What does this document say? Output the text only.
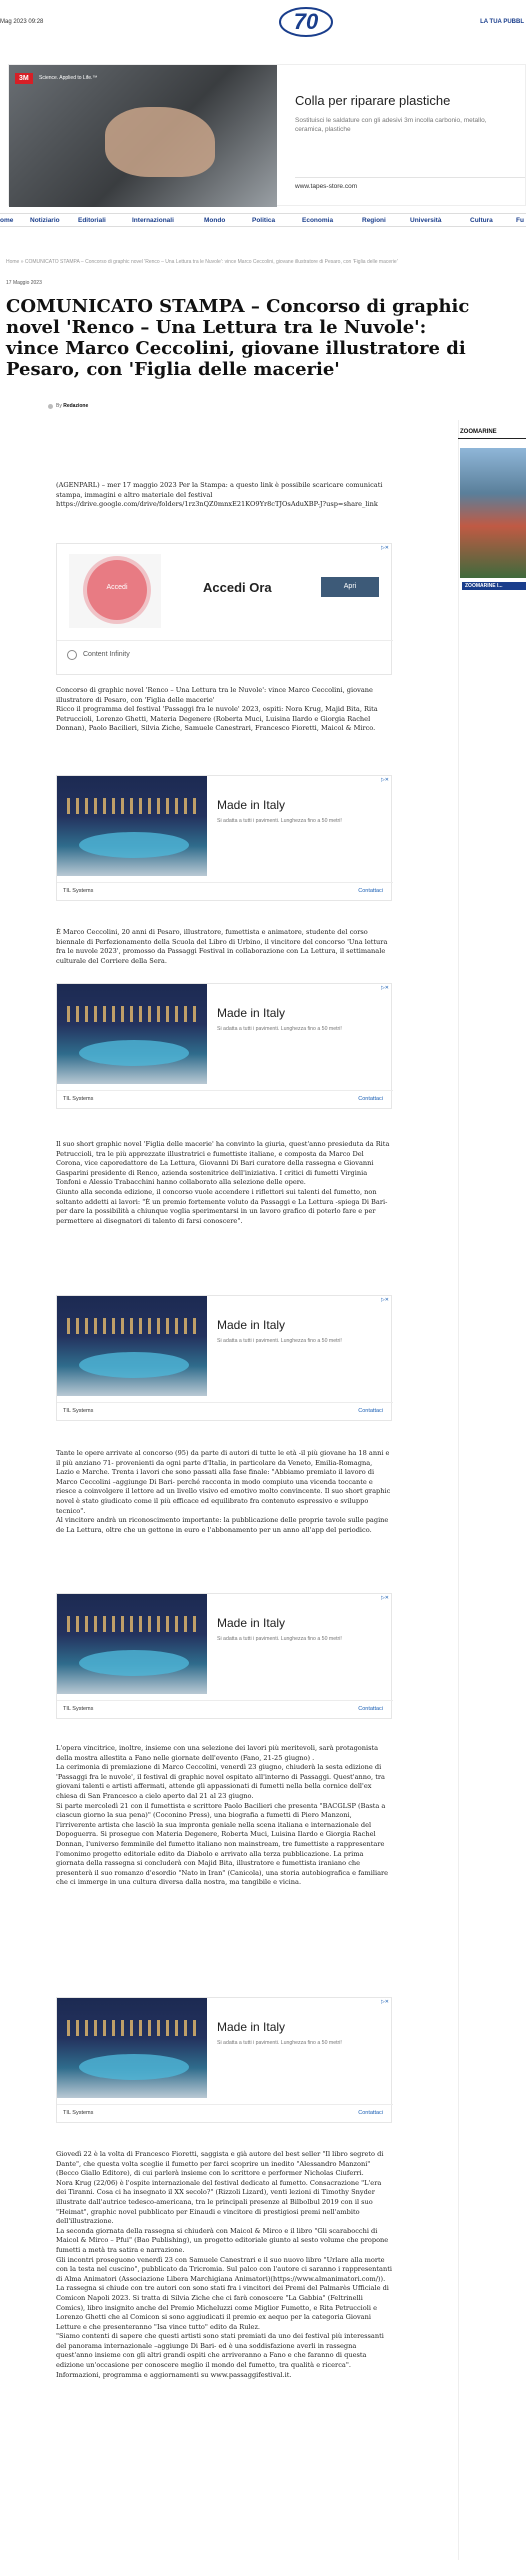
Mag 2023 09:28	70	LA TUA PUBBL
3M	Science. Applied to Life.™
Colla per riparare plastiche
Sostituisci le saldature con gli adesivi 3m incolla carbonio, metallo, ceramica, plastiche
www.tapes-store.com
ome	Notiziario	Editoriali	Internazionali	Mondo	Politica	Economia	Regioni	Università	Cultura	Fu
Home » COMUNICATO STAMPA – Concorso di graphic novel 'Renco – Una Lettura tra le Nuvole': vince Marco Ceccolini, giovane illustratore di Pesaro, con 'Figlia delle macerie'
17 Maggio 2023
COMUNICATO STAMPA – Concorso di graphic novel 'Renco – Una Lettura tra le Nuvole': vince Marco Ceccolini, giovane illustratore di Pesaro, con 'Figlia delle macerie'
By Redazione
ZOOMARINE
ZOOMARINE I...

(AGENPARL) – mer 17 maggio 2023 Per la Stampa: a questo link è possibile scaricare comunicati stampa, immagini e altro materiale del festival https://drive.google.com/drive/folders/1rz3nQZ0mnxE21KO9Yr8cTJOsAduXBP-J?usp=share_link

▷✕
Accedi	Accedi Ora	Apri
Content Infinity

Concorso di graphic novel 'Renco – Una Lettura tra le Nuvole': vince Marco Ceccolini, giovane illustratore di Pesaro, con 'Figlia delle macerie'
Ricco il programma del festival 'Passaggi fra le nuvole' 2023, ospiti: Nora Krug, Majid Bita, Rita Petruccioli, Lorenzo Ghetti, Materia Degenere (Roberta Muci, Luisina Ilardo e Giorgia Rachel Donnan), Paolo Bacilieri, Silvia Ziche, Samuele Canestrari, Francesco Fioretti, Maicol & Mirco.

▷✕
Made in Italy
Si adatta a tutti i pavimenti. Lunghezza fino a 50 metri!
TIL Systems	Contattaci

È Marco Ceccolini, 20 anni di Pesaro, illustratore, fumettista e animatore, studente del corso biennale di Perfezionamento della Scuola del Libro di Urbino, il vincitore del concorso 'Una lettura fra le nuvole 2023', promosso da Passaggi Festival in collaborazione con La Lettura, il settimanale culturale del Corriere della Sera.

▷✕
Made in Italy
Si adatta a tutti i pavimenti. Lunghezza fino a 50 metri!
TIL Systems	Contattaci

Il suo short graphic novel 'Figlia delle macerie' ha convinto la giuria, quest'anno presieduta da Rita Petruccioli, tra le più apprezzate illustratrici e fumettiste italiane, e composta da Marco Del Corona, vice caporedattore de La Lettura, Giovanni Di Bari curatore della rassegna e Giovanni Gasparini presidente di Renco, azienda sostenitrice dell'iniziativa. I critici di fumetti Virginia Tonfoni e Alessio Trabacchini hanno collaborato alla selezione delle opere.
Giunto alla seconda edizione, il concorso vuole accendere i riflettori sui talenti del fumetto, non soltanto addetti ai lavori: "È un premio fortemente voluto da Passaggi e La Lettura -spiega Di Bari- per dare la possibilità a chiunque voglia sperimentarsi in un lavoro grafico di poterlo fare e per permettere ai disegnatori di talento di farsi conoscere".

▷✕
Made in Italy
Si adatta a tutti i pavimenti. Lunghezza fino a 50 metri!
TIL Systems	Contattaci

Tante le opere arrivate al concorso (95) da parte di autori di tutte le età -il più giovane ha 18 anni e il più anziano 71- provenienti da ogni parte d'Italia, in particolare da Veneto, Emilia-Romagna, Lazio e Marche. Trenta i lavori che sono passati alla fase finale: "Abbiamo premiato il lavoro di Marco Ceccolini –aggiunge Di Bari- perché racconta in modo compiuto una vicenda toccante e riesce a coinvolgere il lettore ad un livello visivo ed emotivo molto convincente. Il suo short graphic novel è stato giudicato come il più efficace ed equilibrato fra contenuto espressivo e sviluppo tecnico".
Al vincitore andrà un riconoscimento importante: la pubblicazione delle proprie tavole sulle pagine de La Lettura, oltre che un gettone in euro e l'abbonamento per un anno all'app del periodico.

▷✕
Made in Italy
Si adatta a tutti i pavimenti. Lunghezza fino a 50 metri!
TIL Systems	Contattaci

L'opera vincitrice, inoltre, insieme con una selezione dei lavori più meritevoli, sarà protagonista della mostra allestita a Fano nelle giornate dell'evento (Fano, 21-25 giugno) .
La cerimonia di premiazione di Marco Ceccolini, venerdì 23 giugno, chiuderà la sesta edizione di 'Passaggi fra le nuvole', il festival di graphic novel ospitato all'interno di Passaggi. Quest'anno, tra giovani talenti e artisti affermati, attende gli appassionati di fumetti nella bella cornice dell'ex chiesa di San Francesco a cielo aperto dal 21 al 23 giugno.
Si parte mercoledì 21 con il fumettista e scrittore Paolo Bacilieri che presenta "BACGLSP (Basta a ciascun giorno la sua pena)" (Coconino Press), una biografia a fumetti di Piero Manzoni, l'irriverente artista che lasciò la sua impronta geniale nella scena italiana e internazionale del Dopoguerra. Si prosegue con Materia Degenere, Roberta Muci, Luisina Ilardo e Giorgia Rachel Donnan, l'universo femminile del fumetto italiano non mainstream, tre fumettiste a rappresentare l'omonimo progetto editoriale edito da Diabolo e arrivato alla terza pubblicazione. La prima giornata della rassegna si concluderà con Majid Bita, illustratore e fumettista iraniano che presenterà il suo romanzo d'esordio "Nato in Iran" (Canicola), una storia autobiografica e familiare che ci immerge in una cultura diversa dalla nostra, ma tangibile e vicina.

▷✕
Made in Italy
Si adatta a tutti i pavimenti. Lunghezza fino a 50 metri!
TIL Systems	Contattaci

Giovedì 22 è la volta di Francesco Fioretti, saggista e già autore del best seller "Il libro segreto di Dante", che questa volta sceglie il fumetto per farci scoprire un inedito "Alessandro Manzoni" (Becco Giallo Editore), di cui parlerà insieme con lo scrittore e performer Nicholas Ciuferri.
Nora Krug (22/06) è l'ospite internazionale del festival dedicato al fumetto. Consacrazione "L'era dei Tiranni. Cosa ci ha insegnato il XX secolo?" (Rizzoli Lizard), venti lezioni di Timothy Snyder illustrate dall'autrice tedesco-americana, tra le principali presenze al Bilbolbul 2019 con il suo "Heimat", graphic novel pubblicato per Einaudi e vincitore di prestigiosi premi nell'ambito dell'illustrazione.
La seconda giornata della rassegna si chiuderà con Maicol & Mirco e il libro "Gli scarabocchi di Maicol & Mirco – Pfui" (Bao Publishing), un progetto editoriale giunto al sesto volume che propone fumetti a metà tra satira e narrazione.
Gli incontri proseguono venerdì 23 con Samuele Canestrari e il suo nuovo libro "Urlare alla morte con la testa nel cuscino", pubblicato da Tricromia. Sul palco con l'autore ci saranno i rappresentanti di Alma Animatori (Associazione Libera Marchigiana Animatori)(https://www.almanimatori.com/)).
La rassegna si chiude con tre autori con sono stati fra i vincitori dei Premi del Palmarès Ufficiale di Comicon Napoli 2023. Si tratta di Silvia Ziche che ci farà conoscere "La Gabbia" (Feltrinelli Comics), libro insignito anche del Premio Micheluzzi come Miglior Fumetto, e Rita Petruccioli e Lorenzo Ghetti che al Comicon si sono aggiudicati il premio ex aequo per la categoria Giovani Letture e che presenteranno "Isa vince tutto" edito da Rulez.
"Siamo contenti di sapere che questi artisti sono stati premiati da uno dei festival più interessanti del panorama internazionale –aggiunge Di Bari- ed è una soddisfazione averli in rassegna quest'anno insieme con gli altri grandi ospiti che arriveranno a Fano e che faranno di questa edizione un'occasione per conoscere meglio il mondo del fumetto, tra qualità e ricerca".
Informazioni, programma e aggiornamenti su www.passaggifestival.it.
